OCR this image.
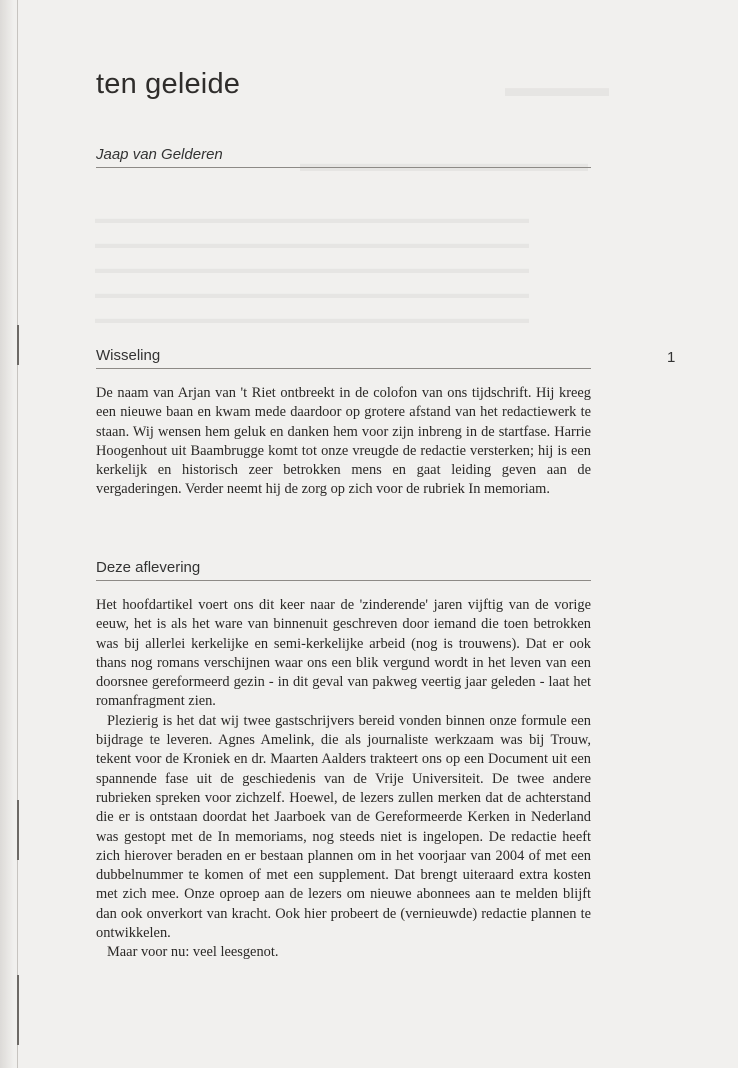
▬▬▬▬
▬▬▬▬▬▬▬▬▬▬▬▬
▬▬▬▬▬▬▬▬▬▬▬▬▬▬▬▬▬▬▬▬▬▬▬▬▬▬▬▬▬▬▬
▬▬▬▬▬▬▬▬▬▬▬▬▬▬▬▬▬▬▬▬▬▬▬▬▬▬▬▬▬▬▬
▬▬▬▬▬▬▬▬▬▬▬▬▬▬▬▬▬▬▬▬▬▬▬▬▬▬▬▬▬▬▬
▬▬▬▬▬▬▬▬▬▬▬▬▬▬▬▬▬▬▬▬▬▬▬▬▬▬▬▬▬▬▬
▬▬▬▬▬▬▬▬▬▬▬▬▬▬▬▬▬▬▬▬▬▬▬▬▬▬▬▬▬▬▬
1
ten geleide
Jaap van Gelderen
Wisseling

De naam van Arjan van 't Riet ontbreekt in de colofon van ons tijdschrift. Hij kreeg een nieuwe baan en kwam mede daardoor op grotere afstand van het redactiewerk te staan. Wij wensen hem geluk en danken hem voor zijn inbreng in de startfase. Harrie Hoogenhout uit Baambrugge komt tot onze vreugde de redactie versterken; hij is een kerkelijk en historisch zeer betrokken mens en gaat leiding geven aan de vergaderingen. Verder neemt hij de zorg op zich voor de rubriek In memoriam.

Deze aflevering

Het hoofdartikel voert ons dit keer naar de 'zinderende' jaren vijftig van de vorige eeuw, het is als het ware van binnenuit geschreven door iemand die toen betrokken was bij allerlei kerkelijke en semi-kerkelijke arbeid (nog is trouwens). Dat er ook thans nog romans verschijnen waar ons een blik vergund wordt in het leven van een doorsnee gereformeerd gezin - in dit geval van pakweg veertig jaar geleden - laat het romanfragment zien.

Plezierig is het dat wij twee gastschrijvers bereid vonden binnen onze formule een bijdrage te leveren. Agnes Amelink, die als journaliste werkzaam was bij Trouw, tekent voor de Kroniek en dr. Maarten Aalders trakteert ons op een Document uit een spannende fase uit de geschiedenis van de Vrije Universiteit. De twee andere rubrieken spreken voor zichzelf. Hoewel, de lezers zullen merken dat de achterstand die er is ontstaan doordat het Jaarboek van de Gereformeerde Kerken in Nederland was gestopt met de In memoriams, nog steeds niet is ingelopen. De redactie heeft zich hierover beraden en er bestaan plannen om in het voorjaar van 2004 of met een dubbelnummer te komen of met een supplement. Dat brengt uiteraard extra kosten met zich mee. Onze oproep aan de lezers om nieuwe abonnees aan te melden blijft dan ook onverkort van kracht. Ook hier probeert de (vernieuwde) redactie plannen te ontwikkelen.

Maar voor nu: veel leesgenot.
